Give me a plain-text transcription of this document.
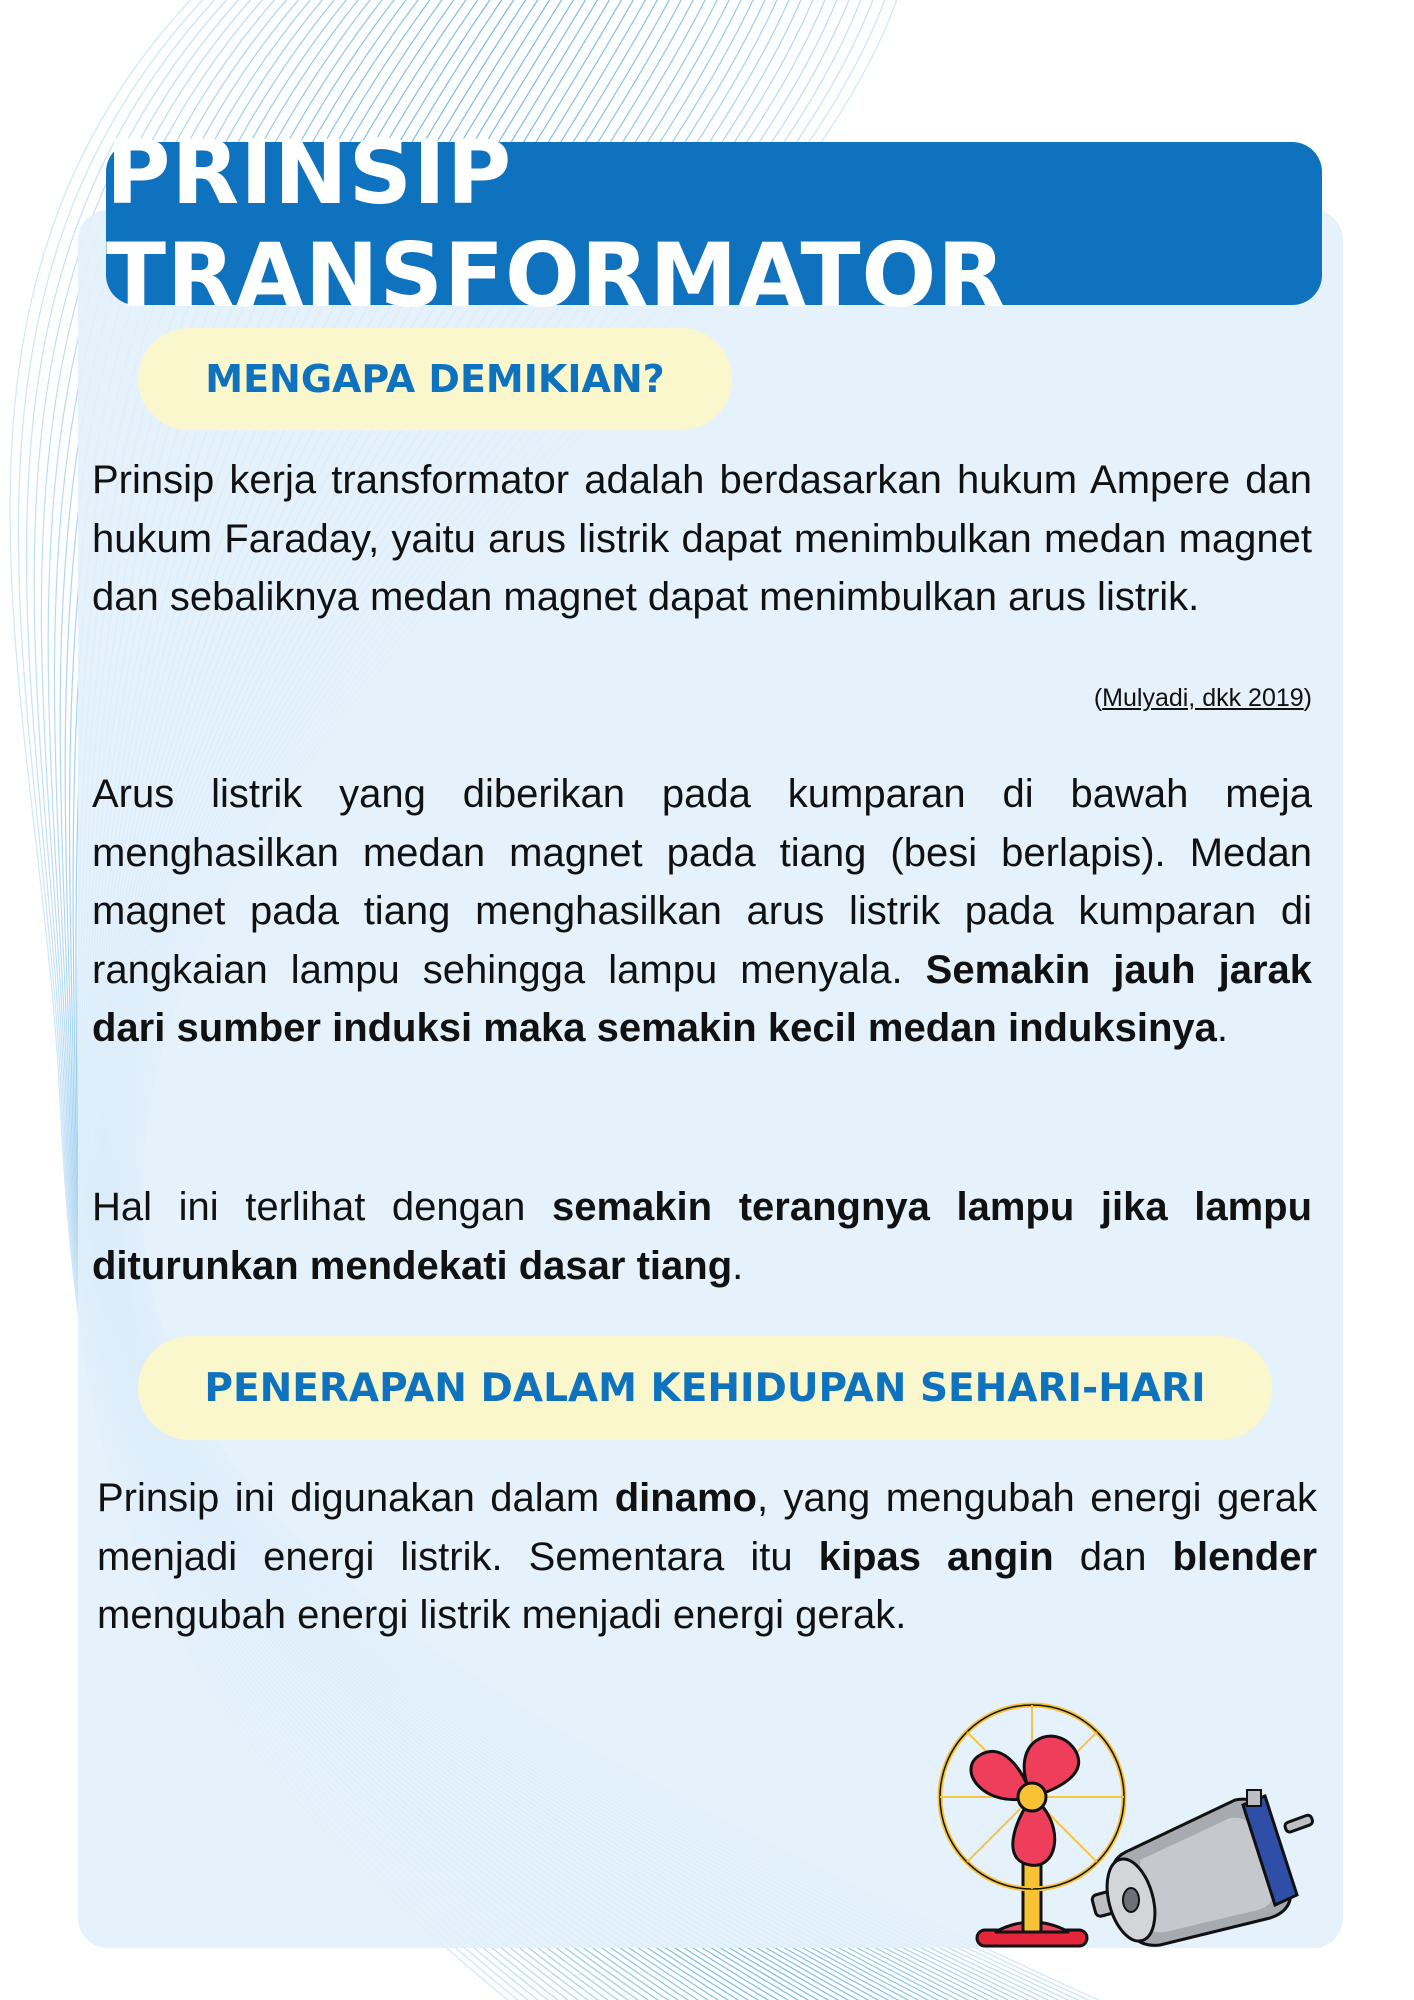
PRINSIP TRANSFORMATOR
MENGAPA DEMIKIAN?

Prinsip kerja transformator adalah berdasarkan hukum Ampere dan hukum Faraday, yaitu arus listrik dapat menimbulkan medan magnet dan sebaliknya medan magnet dapat menimbulkan arus listrik.

(Mulyadi, dkk 2019)

Arus listrik yang diberikan pada kumparan di bawah meja menghasilkan medan magnet pada tiang (besi berlapis). Medan magnet pada tiang menghasilkan arus listrik pada kumparan di rangkaian lampu sehingga lampu menyala. Semakin jauh jarak dari sumber induksi maka semakin kecil medan induksinya.

Hal ini terlihat dengan semakin terangnya lampu jika lampu diturunkan mendekati dasar tiang.

PENERAPAN DALAM KEHIDUPAN SEHARI-HARI

Prinsip ini digunakan dalam dinamo, yang mengubah energi gerak menjadi energi listrik. Sementara itu kipas angin dan blender mengubah energi listrik menjadi energi gerak.
